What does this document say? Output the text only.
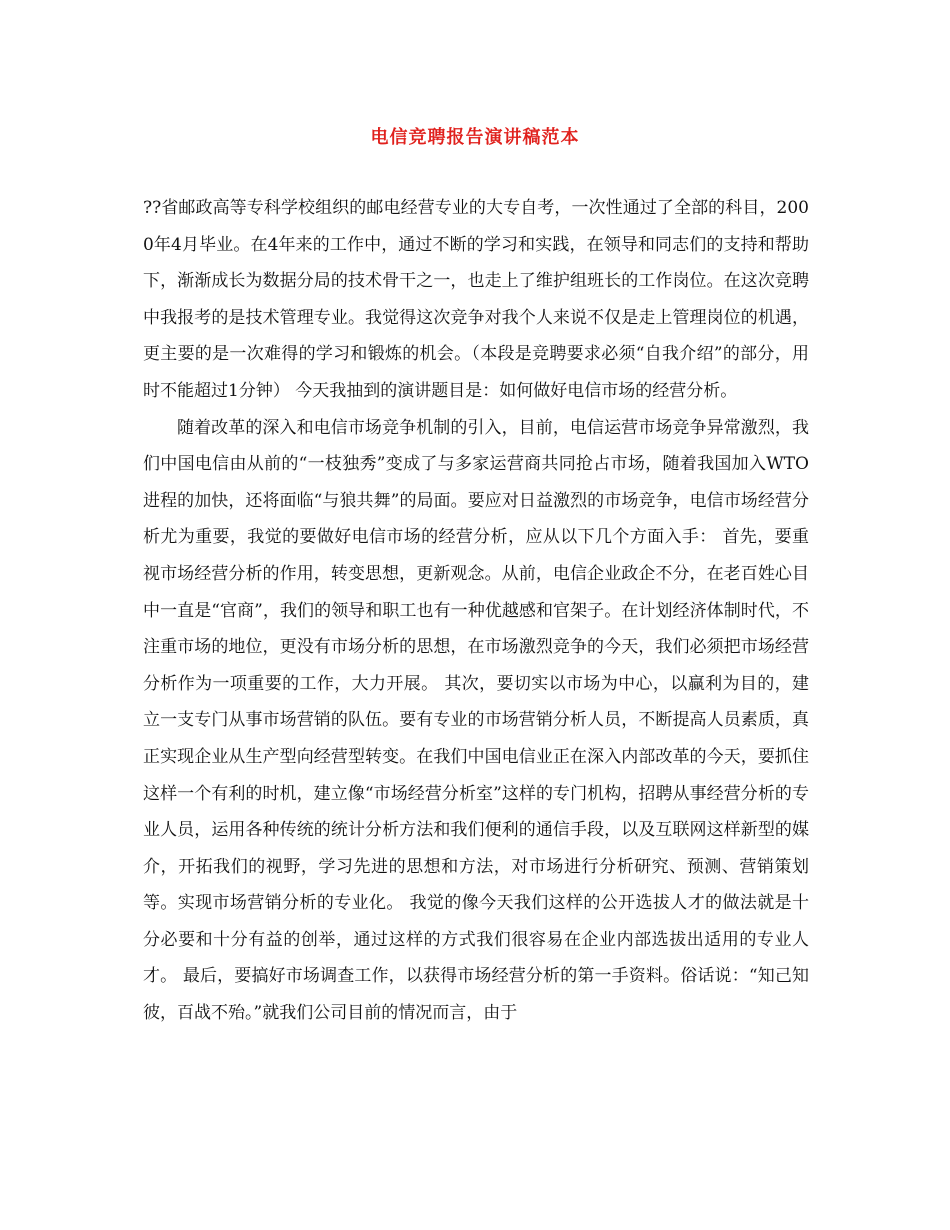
电信竞聘报告演讲稿范本

??省邮政高等专科学校组织的邮电经营专业的大专自考，一次性通过了全部的科目，2000年4月毕业。在4年来的工作中，通过不断的学习和实践，在领导和同志们的支持和帮助下，渐渐成长为数据分局的技术骨干之一，也走上了维护组班长的工作岗位。在这次竞聘中我报考的是技术管理专业。我觉得这次竞争对我个人来说不仅是走上管理岗位的机遇，更主要的是一次难得的学习和锻炼的机会。（本段是竞聘要求必须“自我介绍”的部分，用时不能超过1分钟） 今天我抽到的演讲题目是：如何做好电信市场的经营分析。

随着改革的深入和电信市场竞争机制的引入，目前，电信运营市场竞争异常激烈，我们中国电信由从前的“一枝独秀”变成了与多家运营商共同抢占市场，随着我国加入WTO进程的加快，还将面临“与狼共舞”的局面。要应对日益激烈的市场竞争，电信市场经营分析尤为重要，我觉的要做好电信市场的经营分析，应从以下几个方面入手： 首先，要重视市场经营分析的作用，转变思想，更新观念。从前，电信企业政企不分，在老百姓心目中一直是“官商”，我们的领导和职工也有一种优越感和官架子。在计划经济体制时代，不注重市场的地位，更没有市场分析的思想，在市场激烈竞争的今天，我们必须把市场经营分析作为一项重要的工作，大力开展。 其次，要切实以市场为中心，以赢利为目的，建立一支专门从事市场营销的队伍。要有专业的市场营销分析人员，不断提高人员素质，真正实现企业从生产型向经营型转变。在我们中国电信业正在深入内部改革的今天，要抓住这样一个有利的时机，建立像“市场经营分析室”这样的专门机构，招聘从事经营分析的专业人员，运用各种传统的统计分析方法和我们便利的通信手段，以及互联网这样新型的媒介，开拓我们的视野，学习先进的思想和方法，对市场进行分析研究、预测、营销策划等。实现市场营销分析的专业化。 我觉的像今天我们这样的公开选拔人才的做法就是十分必要和十分有益的创举，通过这样的方式我们很容易在企业内部选拔出适用的专业人才。 最后，要搞好市场调查工作，以获得市场经营分析的第一手资料。俗话说：“知己知彼，百战不殆。”就我们公司目前的情况而言，由于
